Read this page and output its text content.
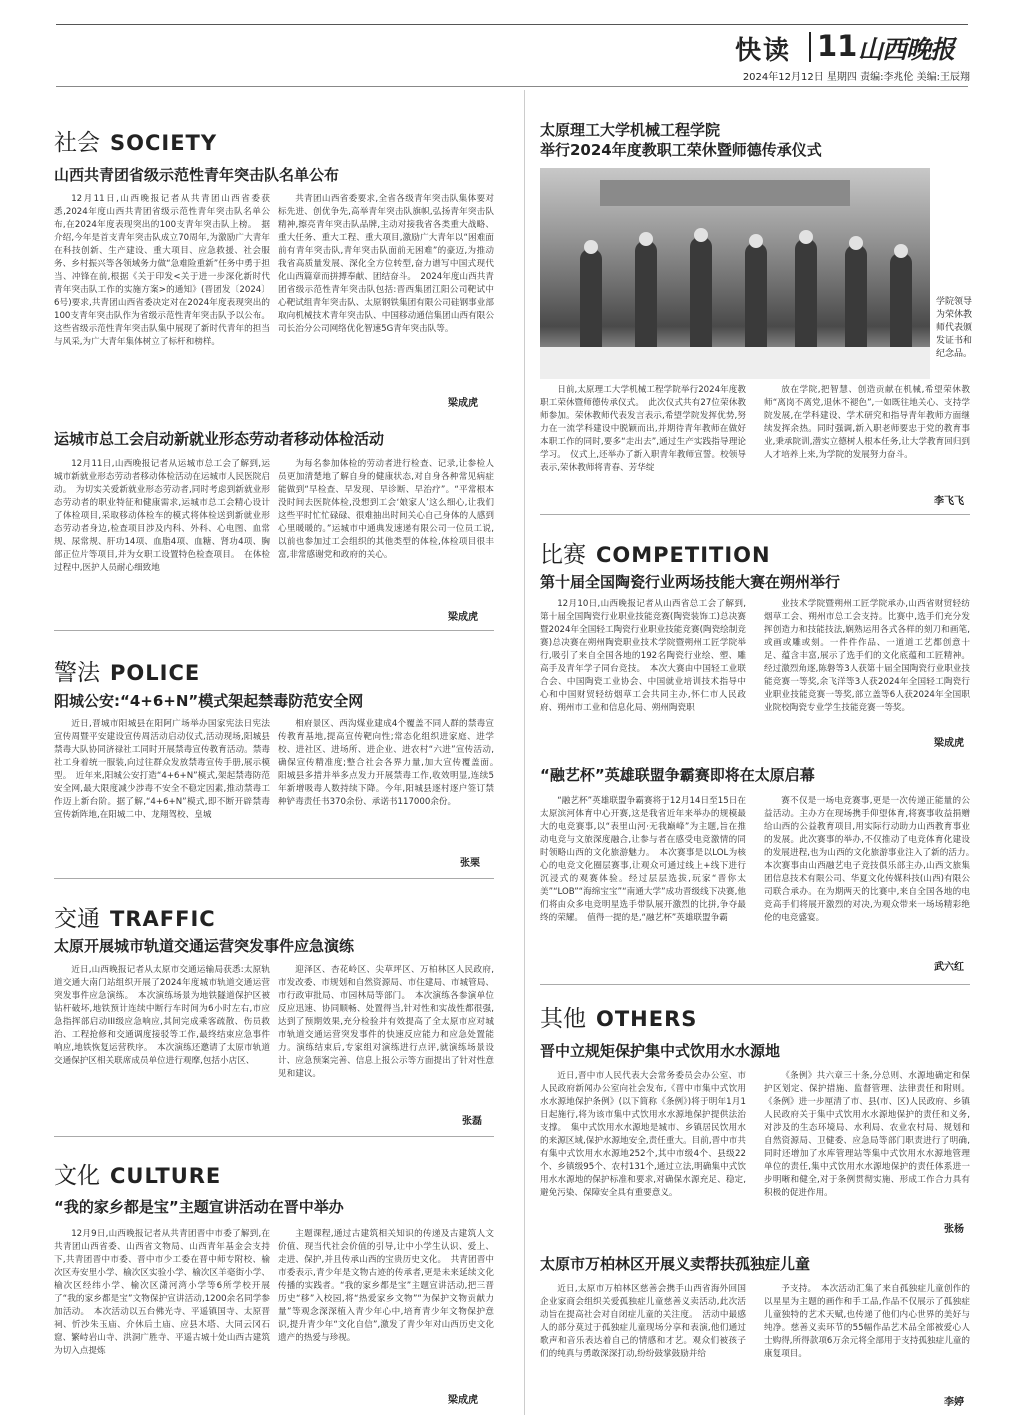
快读 11 山西晚报
2024年12月12日 星期四 责编:李兆伦 美编:王辰翔
社会 SOCIETY
山西共青团省级示范性青年突击队名单公布

12月11日,山西晚报记者从共青团山西省委获悉,2024年度山西共青团省级示范性青年突击队名单公布,在2024年度表现突出的100支青年突击队上榜。　据介绍,今年是首支青年突击队成立70周年,为激励广大青年在科技创新、生产建设、重大项目、应急救援、社会服务、乡村振兴等各领域务力做“急难险重新”任务中勇于担当、冲锋在前,根据《关于印发<关于进一步深化新时代青年突击队工作的实施方案>的通知》(晋团发〔2024〕6号)要求,共青团山西省委决定对在2024年度表现突出的100支青年突击队作为省级示范性青年突击队予以公布。这些省级示范性青年突击队集中展现了新时代青年的担当与风采,为广大青年集体树立了标杆和榜样。

共青团山西省委要求,全省各级青年突击队集体要对标先进、创优争先,高举青年突击队旗帜,弘扬青年突击队精神,擦亮青年突击队品牌,主动对接我省各类重大战略、重大任务、重大工程、重大项目,激励广大青年以“困难面前有青年突击队,青年突击队面前无困难”的豪迈,为推动我省高质量发展、深化全方位转型,奋力谱写中国式现代化山西篇章而拼搏奉献、团结奋斗。　2024年度山西共青团省级示范性青年突击队包括:晋西集团江阳公司靶试中心靶试组青年突击队、太原钢铁集团有限公司硅钢事业部取向机械技术青年突击队、中国移动通信集团山西有限公司长治分公司网络优化智速5G青年突击队等。

梁成虎
运城市总工会启动新就业形态劳动者移动体检活动

12月11日,山西晚报记者从运城市总工会了解到,运城市新就业形态劳动者移动体检活动在运城市人民医院启动。　为切实关爱新就业形态劳动者,同时考虑到新就业形态劳动者的职业特征和健康需求,运城市总工会精心设计了体检项目,采取移动体检车的模式将体检送到新就业形态劳动者身边,检查项目涉及内科、外科、心电图、血常规、尿常规、肝功14项、血脂4项、血糖、肾功4项、胸部正位片等项目,并为女职工设置特色检查项目。　在体检过程中,医护人员耐心细致地

为每名参加体检的劳动者进行检查、记录,让参检人员更加清楚地了解自身的健康状态,对自身各种常见病症能做到“早检查、早发现、早诊断、早治疗”。“平常根本没时间去医院体检,没想到工会‘娘家人’这么细心,让我们这些平时忙忙碌碌、很难抽出时间关心自己身体的人感到心里暖暖的。”运城市中通典发速递有限公司一位员工说,以前也参加过工会组织的其他类型的体检,体检项目很丰富,非常感谢党和政府的关心。

梁成虎
警法 POLICE
阳城公安:“4+6+N”模式架起禁毒防范安全网

近日,晋城市阳城县在阳阿广场举办国家宪法日宪法宣传周暨平安建设宣传周活动启动仪式,活动现场,阳城县禁毒大队协同济禄社工同时开展禁毒宣传教育活动。禁毒社工身着统一服装,向过往群众发放禁毒宣传手册,展示模型。　近年来,阳城公安打造“4+6+N”模式,架起禁毒防范安全网,最大限度减少涉毒不安全不稳定因素,推动禁毒工作迈上新台阶。据了解,“4+6+N”模式,即不断开辟禁毒宣传新阵地,在阳城二中、龙翔驾校、皇城

相府景区、西沟煤业建成4个覆盖不同人群的禁毒宣传教育基地,提高宣传靶向性;常态化组织进家庭、进学校、进社区、进场所、进企业、进农村“六进”宣传活动,确保宣传精准度;整合社会各界力量,加大宣传覆盖面。　阳城县多措并举多点发力开展禁毒工作,收效明显,连续5年新增吸毒人数持续下降。今年,阳城县逐村逐户签订禁种铲毒责任书370余份、承诺书117000余份。

张栗
交通 TRAFFIC
太原开展城市轨道交通运营突发事件应急演练

近日,山西晚报记者从太原市交通运输局获悉:太原轨道交通大南门站组织开展了2024年度城市轨道交通运营突发事件应急演练。　本次演练场景为地铁隧道保护区被钻杆破坏,地铁预计连续中断行车时间为6小时左右,市应急指挥部启动III级应急响应,其间完成乘客疏散、伤员救治、工程抢修和交通调度接驳等工作,最终结束应急事件响应,地铁恢复运营秩序。　本次演练还邀请了太原市轨道交通保护区相关联席成员单位进行观摩,包括小店区、

迎泽区、杏花岭区、尖草坪区、万柏林区人民政府,市发改委、市规划和自然资源局、市住建局、市城管局、市行政审批局、市园林局等部门。　本次演练各参演单位反应迅速、协同顺畅、处置得当,针对性和实战性都很强,达到了预期效果,充分检验并有效提高了全太原市应对城市轨道交通运营突发事件的快速反应能力和应急处置能力。演练结束后,专家组对演练进行点评,就演练场景设计、应急预案完善、信息上报公示等方面提出了针对性意见和建议。

张磊
文化 CULTURE
“我的家乡都是宝”主题宣讲活动在晋中举办

12月9日,山西晚报记者从共青团晋中市委了解到,在共青团山西省委、山西省文物局、山西青年基金会支持下,共青团晋中市委、晋中市少工委在晋中师专附校、榆次区寿安里小学、榆次区实验小学、榆次区羊毫街小学、榆次区经纬小学、榆次区潇河湾小学等6所学校开展了“我的家乡都是宝”文物保护宣讲活动,1200余名同学参加活动。　本次活动以五台佛光寺、平遥镇国寺、太原晋祠、忻沙朱玉庙、介休后土庙、应县木塔、大同云冈石窟、繁峙岩山寺、洪洞广胜寺、平遥古城十处山西古建筑为切入点提炼

主题课程,通过古建筑相关知识的传递及古建筑人文价值、现当代社会价值的引导,让中小学生认识、爱上、走进、保护,并且传承山西的宝贵历史文化。　共青团晋中市委表示,青少年是文物古迹的传承者,更是未来延续文化传播的实践者。“我的家乡都是宝”主题宣讲活动,把三晋历史“移”入校园,将“热爱家乡文物”“为保护文物贡献力量”等观念深深植入青少年心中,培育青少年文物保护意识,提升青少年“文化自信”,激发了青少年对山西历史文化遗产的热爱与珍视。

梁成虎
太原理工大学机械工程学院
举行2024年度教职工荣休暨师德传承仪式
学院领导为荣休教师代表颁发证书和纪念品。

日前,太原理工大学机械工程学院举行2024年度教职工荣休暨师德传承仪式。　此次仪式共有27位荣休教师参加。荣休教师代表发言表示,希望学院发挥优势,努力在一流学科建设中脱颖而出,并期待青年教师在做好本职工作的同时,要多“走出去”,通过生产实践指导理论学习。　仪式上,还举办了新入职青年教师宣誓。校领导表示,荣休教师将青春、芳华绽

放在学院,把智慧、创造贡献在机械,希望荣休教师“离岗不离党,退休不褪色”,一如既往地关心、支持学院发展,在学科建设、学术研究和指导青年教师方面继续发挥余热。同时强调,新入职老师要忠于党的教育事业,秉承院训,潜实立德树人根本任务,让大学教育回归到人才培养上来,为学院的发展努力奋斗。

李飞飞
比赛 COMPETITION
第十届全国陶瓷行业两场技能大赛在朔州举行

12月10日,山西晚报记者从山西省总工会了解到,第十届全国陶瓷行业职业技能竞赛(陶瓷装饰工)总决赛暨2024年全国轻工陶瓷行业职业技能竞赛(陶瓷绘制竞赛)总决赛在朔州陶瓷职业技术学院暨朔州工匠学院举行,吸引了来自全国各地的192名陶瓷行业绘、塑、雕高手及青年学子同台竞技。　本次大赛由中国轻工业联合会、中国陶瓷工业协会、中国就业培训技术指导中心和中国财贸轻纺烟草工会共同主办,怀仁市人民政府、朔州市工业和信息化局、朔州陶瓷职

业技术学院暨朔州工匠学院承办,山西省财贸轻纺烟草工会、朔州市总工会支持。比赛中,选手们充分发挥创造力和技能技法,娴熟运用各式各样的刻刀和画笔,或画或雕或刻。一件件作品、一道道工艺都创意十足、蕴含丰富,展示了选手们的文化底蕴和工匠精神。经过激烈角逐,陈磐等3人获第十届全国陶瓷行业职业技能竞赛一等奖,余飞洋等3人获2024年全国轻工陶瓷行业职业技能竞赛一等奖,部立盖等6人获2024年全国职业院校陶瓷专业学生技能竞赛一等奖。

梁成虎
“融艺杯”英雄联盟争霸赛即将在太原启幕

“融艺杯”英雄联盟争霸赛将于12月14日至15日在太原滨河体育中心开赛,这是我省近年来举办的规模最大的电竞赛事,以“表里山河·无我巅峰”为主题,旨在推动电竞与文旅深度融合,让参与者在感受电竞激情的同时领略山西的文化旅游魅力。　本次赛事是以LOL为核心的电竞文化圈层赛事,让观众可通过线上+线下进行沉浸式的观赛体验。经过层层选拔,玩家“晋你太美”“LOB”“海绵宝宝”“南通大学”成功晋级线下决赛,他们将由众多电竞明星选手带队展开激烈的比拼,争夺最终的荣耀。　值得一提的是,“融艺杯”英雄联盟争霸

赛不仅是一场电竞赛事,更是一次传递正能量的公益活动。主办方在现场携手仰望体育,将赛事收益捐赠给山西的公益教育项目,用实际行动助力山西教育事业的发展。此次赛事的举办,不仅推动了电竞体育化建设的发展进程,也为山西的文化旅游事业注入了新的活力。　本次赛事由山西融艺电子竞技俱乐部主办,山西文旅集团信息技术有限公司、华夏文化传媒科技(山西)有限公司联合承办。在为期两天的比赛中,来自全国各地的电竞高手们将展开激烈的对决,为观众带来一场场精彩绝伦的电竞盛宴。

武六红
其他 OTHERS
晋中立规矩保护集中式饮用水水源地

近日,晋中市人民代表大会常务委员会办公室、市人民政府新闻办公室向社会发布,《晋中市集中式饮用水水源地保护条例》(以下简称《条例》)将于明年1月1日起施行,将为该市集中式饮用水水源地保护提供法治支撑。　集中式饮用水水源地是城市、乡镇居民饮用水的来源区域,保护水源地安全,责任重大。目前,晋中市共有集中式饮用水水源地252个,其中市级4个、县级22个、乡镇级95个、农村131个,通过立法,明确集中式饮用水水源地的保护标准和要求,对确保水源充足、稳定,避免污染、保障安全具有重要意义。

《条例》共六章三十条,分总则、水源地确定和保护区划定、保护措施、监督管理、法律责任和附则。《条例》进一步厘清了市、县(市、区)人民政府、乡镇人民政府关于集中式饮用水水源地保护的责任和义务,对涉及的生态环境局、水利局、农业农村局、规划和自然资源局、卫健委、应急局等部门职责进行了明确,同时还增加了水库管理站等集中式饮用水水源地管理单位的责任,集中式饮用水水源地保护的责任体系进一步明晰和健全,对于条例贯彻实施、形成工作合力具有积极的促进作用。

张杨
太原市万柏林区开展义卖帮扶孤独症儿童

近日,太原市万柏林区慈善会携手山西省海外回国企业家商会组织关爱孤独症儿童慈善义卖活动,此次活动旨在提高社会对自闭症儿童的关注度。　活动中最感人的部分莫过于孤独症儿童现场分享和表演,他们通过歌声和音乐表达着自己的情感和才艺。观众们被孩子们的纯真与勇敢深深打动,纷纷鼓掌鼓励并给

予支持。　本次活动汇集了来自孤独症儿童创作的以星星为主题的画作和手工品,作品不仅展示了孤独症儿童独特的艺术天赋,也传递了他们内心世界的美好与纯净。慈善义卖环节的55幅作品艺术品全部被爱心人士购得,所得款项6万余元将全部用于支持孤独症儿童的康复项目。

李婷
